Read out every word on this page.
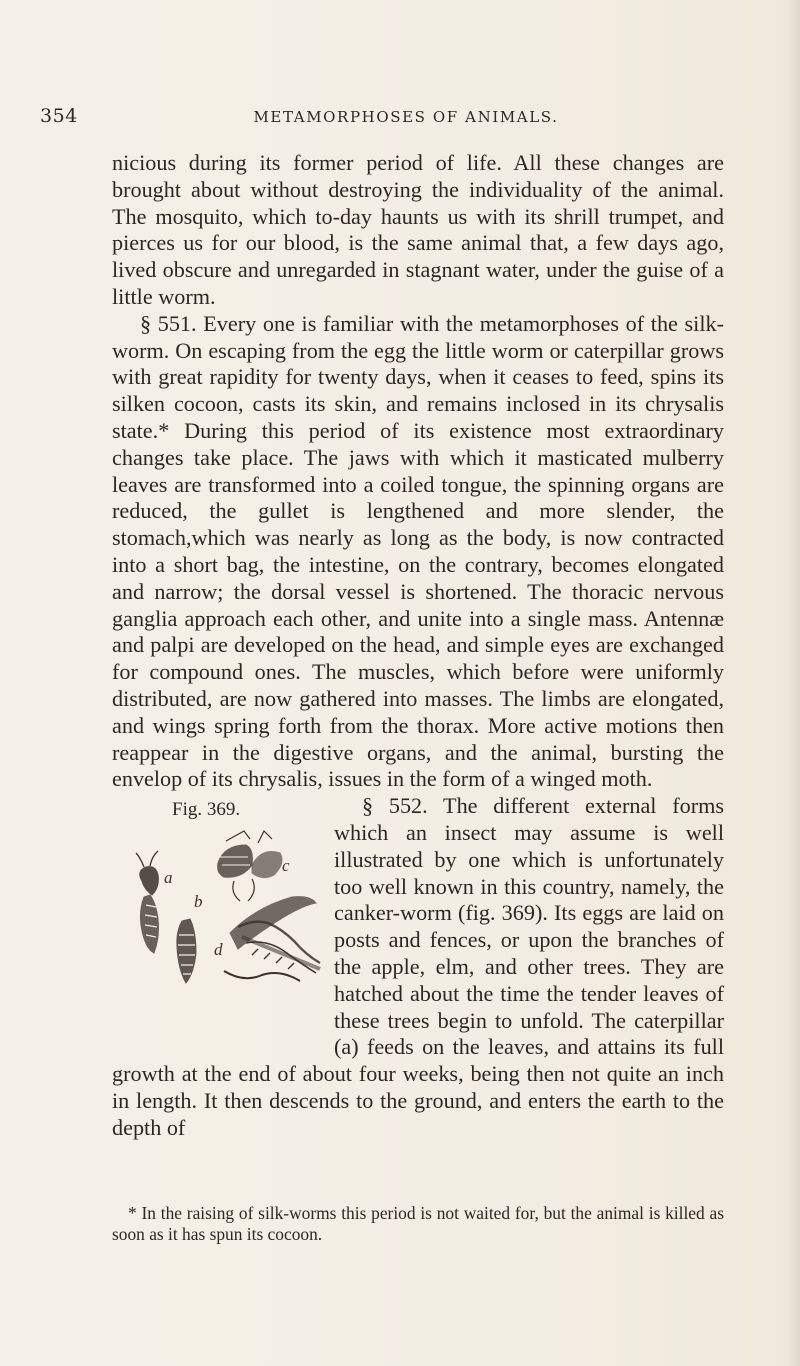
354	METAMORPHOSES OF ANIMALS.

nicious during its former period of life. All these changes are brought about without destroying the individuality of the animal. The mosquito, which to-day haunts us with its shrill trumpet, and pierces us for our blood, is the same animal that, a few days ago, lived obscure and unregarded in stagnant water, under the guise of a little worm.

§ 551. Every one is familiar with the metamorphoses of the silk-worm. On escaping from the egg the little worm or caterpillar grows with great rapidity for twenty days, when it ceases to feed, spins its silken cocoon, casts its skin, and remains inclosed in its chrysalis state.* During this period of its existence most extraordinary changes take place. The jaws with which it masticated mulberry leaves are transformed into a coiled tongue, the spinning organs are reduced, the gullet is lengthened and more slender, the stomach,which was nearly as long as the body, is now contracted into a short bag, the intestine, on the contrary, becomes elongated and narrow; the dorsal vessel is shortened. The thoracic nervous ganglia approach each other, and unite into a single mass. Antennæ and palpi are developed on the head, and simple eyes are exchanged for compound ones. The muscles, which before were uniformly distributed, are now gathered into masses. The limbs are elongated, and wings spring forth from the thorax. More active motions then reappear in the digestive organs, and the animal, bursting the envelop of its chrysalis, issues in the form of a winged moth.

Fig. 369.
a
b
c
d
§ 552. The different external forms which an insect may assume is well illustrated by one which is unfortunately too well known in this country, namely, the canker-worm (fig. 369). Its eggs are laid on posts and fences, or upon the branches of the apple, elm, and other trees. They are hatched about the time the tender leaves of these trees begin to unfold. The caterpillar (a) feeds on the leaves, and attains its full growth at the end of about four weeks, being then not quite an inch in length. It then descends to the ground, and enters the earth to the depth of

* In the raising of silk-worms this period is not waited for, but the animal is killed as soon as it has spun its cocoon.
